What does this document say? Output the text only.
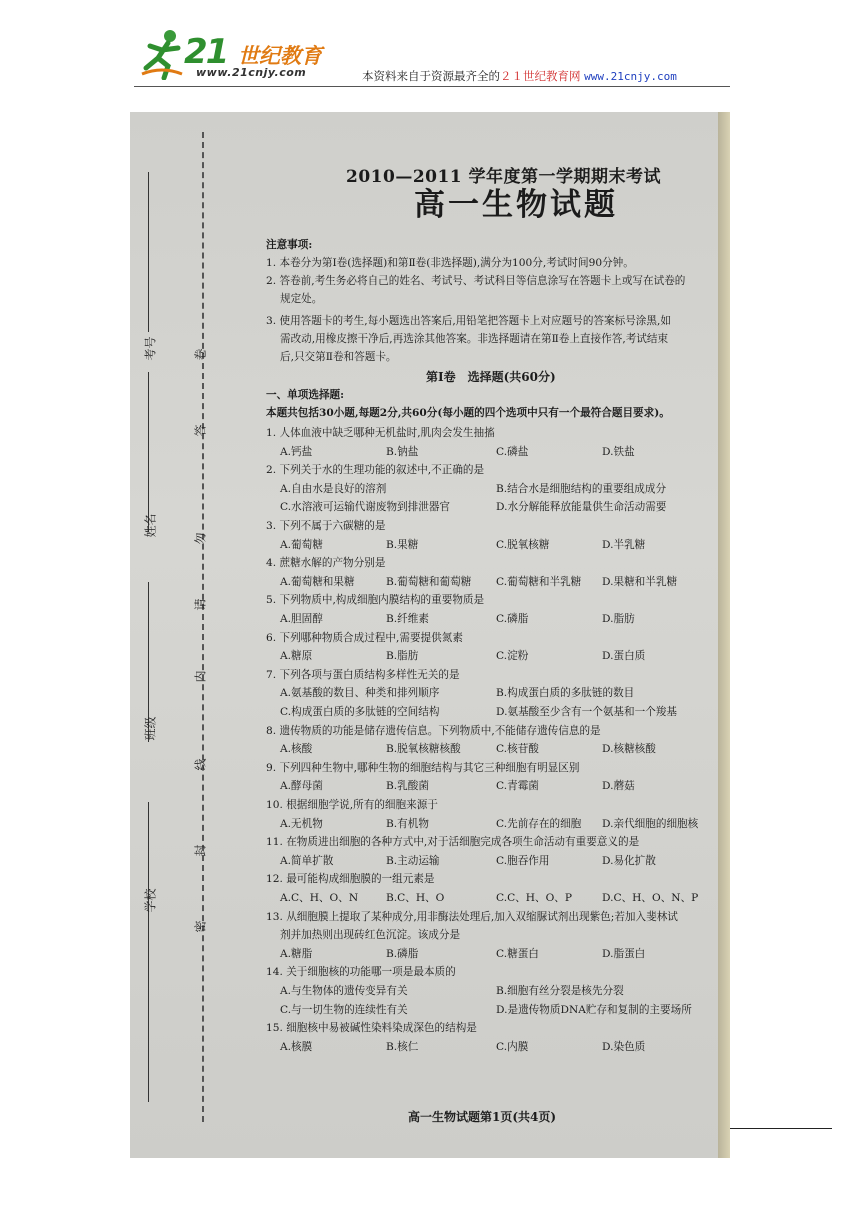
21 世纪教育
www.21cnjy.com	本资料来自于资源最齐全的２１世纪教育网 www.21cnjy.com
考号
姓名
班级
学校
卷
答
勿
请
内
线
封
密
2010—2011 学年度第一学期期末考试
高一生物试题
注意事项:
1. 本卷分为第Ⅰ卷(选择题)和第Ⅱ卷(非选择题),满分为100分,考试时间90分钟。
2. 答卷前,考生务必将自己的姓名、考试号、考试科目等信息涂写在答题卡上或写在试卷的
规定处。
3. 使用答题卡的考生,每小题选出答案后,用铅笔把答题卡上对应题号的答案标号涂黑,如
需改动,用橡皮擦干净后,再选涂其他答案。非选择题请在第Ⅱ卷上直接作答,考试结束
后,只交第Ⅱ卷和答题卡。
第Ⅰ卷　选择题(共60分)
一、单项选择题:
本题共包括30小题,每题2分,共60分(每小题的四个选项中只有一个最符合题目要求)。
1. 人体血液中缺乏哪种无机盐时,肌肉会发生抽搐
A.钙盐	B.钠盐	C.磷盐	D.铁盐
2. 下列关于水的生理功能的叙述中,不正确的是
A.自由水是良好的溶剂	B.结合水是细胞结构的重要组成成分
C.水溶液可运输代谢废物到排泄器官	D.水分解能释放能量供生命活动需要
3. 下列不属于六碳糖的是
A.葡萄糖	B.果糖	C.脱氧核糖	D.半乳糖
4. 蔗糖水解的产物分别是
A.葡萄糖和果糖	B.葡萄糖和葡萄糖 C.葡萄糖和半乳糖 D.果糖和半乳糖
5. 下列物质中,构成细胞内膜结构的重要物质是
A.胆固醇	B.纤维素	C.磷脂	D.脂肪
6. 下列哪种物质合成过程中,需要提供氮素
A.糖原	B.脂肪	C.淀粉	D.蛋白质
7. 下列各项与蛋白质结构多样性无关的是
A.氨基酸的数目、种类和排列顺序	B.构成蛋白质的多肽链的数目
C.构成蛋白质的多肽链的空间结构	D.氨基酸至少含有一个氨基和一个羧基
8. 遗传物质的功能是储存遗传信息。下列物质中,不能储存遗传信息的是
A.核酸	B.脱氧核糖核酸	C.核苷酸	D.核糖核酸
9. 下列四种生物中,哪种生物的细胞结构与其它三种细胞有明显区别
A.酵母菌	B.乳酸菌	C.青霉菌	D.蘑菇
10. 根据细胞学说,所有的细胞来源于
A.无机物	B.有机物	C.先前存在的细胞 D.亲代细胞的细胞核
11. 在物质进出细胞的各种方式中,对于活细胞完成各项生命活动有重要意义的是
A.简单扩散	B.主动运输	C.胞吞作用	D.易化扩散
12. 最可能构成细胞膜的一组元素是
A.C、H、O、N	B.C、H、O	C.C、H、O、P	D.C、H、O、N、P
13. 从细胞膜上提取了某种成分,用非酶法处理后,加入双缩脲试剂出现紫色;若加入斐林试
剂并加热则出现砖红色沉淀。该成分是
A.糖脂	B.磷脂	C.糖蛋白	D.脂蛋白
14. 关于细胞核的功能哪一项是最本质的
A.与生物体的遗传变异有关	B.细胞有丝分裂是核先分裂
C.与一切生物的连续性有关	D.是遗传物质DNA贮存和复制的主要场所
15. 细胞核中易被碱性染料染成深色的结构是
A.核膜	B.核仁	C.内膜	D.染色质
高一生物试题第1页(共4页)
